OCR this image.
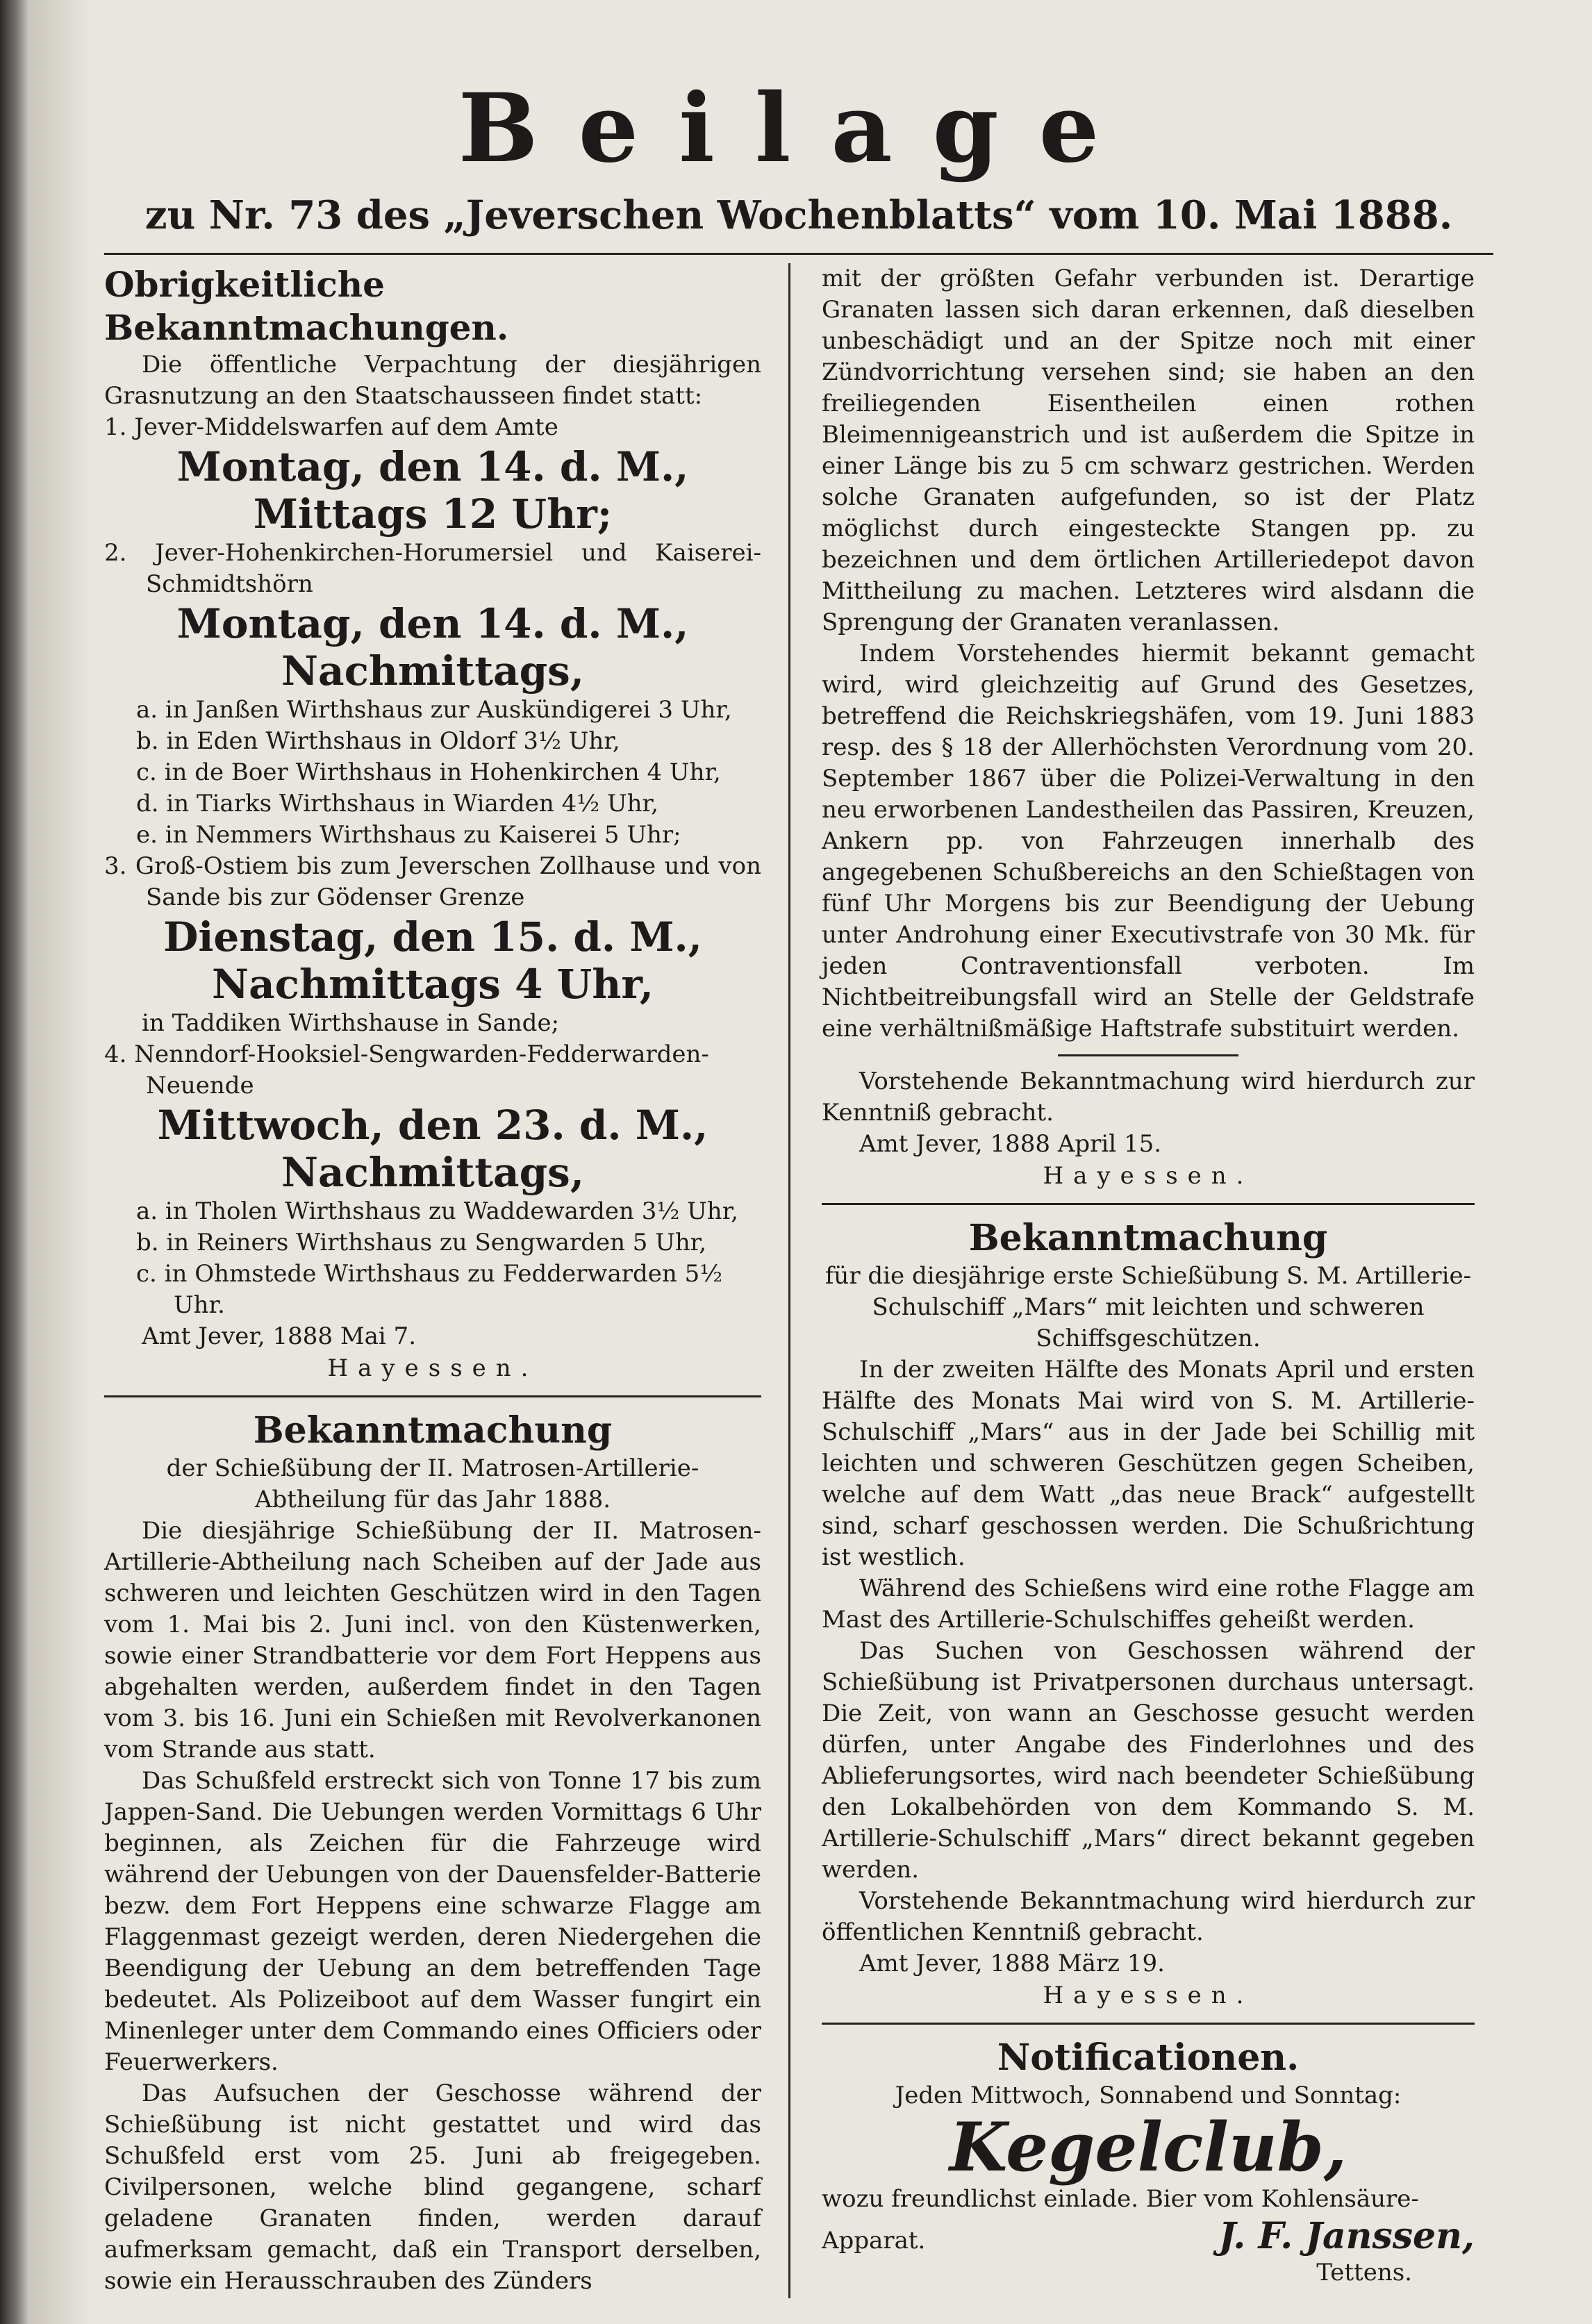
Beilage
zu Nr. 73 des „Jeverschen Wochenblatts“ vom 10. Mai 1888.
Obrigkeitliche Bekanntmachungen.
Die öffentliche Verpachtung der diesjährigen Grasnutzung an den Staatschausseen findet statt:
1. Jever-Middelswarfen auf dem Amte
Montag, den 14. d. M.,
Mittags 12 Uhr;
2. Jever-Hohenkirchen-Horumersiel und Kaiserei-Schmidtshörn
Montag, den 14. d. M.,
Nachmittags,
a. in Janßen Wirthshaus zur Auskündigerei 3 Uhr,
b. in Eden Wirthshaus in Oldorf 3½ Uhr,
c. in de Boer Wirthshaus in Hohenkirchen 4 Uhr,
d. in Tiarks Wirthshaus in Wiarden 4½ Uhr,
e. in Nemmers Wirthshaus zu Kaiserei 5 Uhr;
3. Groß-Ostiem bis zum Jeverschen Zollhause und von Sande bis zur Gödenser Grenze
Dienstag, den 15. d. M.,
Nachmittags 4 Uhr,
in Taddiken Wirthshause in Sande;
4. Nenndorf-Hooksiel-Sengwarden-Fedderwarden-Neuende
Mittwoch, den 23. d. M.,
Nachmittags,
a. in Tholen Wirthshaus zu Waddewarden 3½ Uhr,
b. in Reiners Wirthshaus zu Sengwarden 5 Uhr,
c. in Ohmstede Wirthshaus zu Fedderwarden 5½ Uhr.
Amt Jever, 1888 Mai 7.
Hayessen.
Bekanntmachung
der Schießübung der II. Matrosen-Artillerie-Abtheilung für das Jahr 1888.
Die diesjährige Schießübung der II. Matrosen-Artillerie-Abtheilung nach Scheiben auf der Jade aus schweren und leichten Geschützen wird in den Tagen vom 1. Mai bis 2. Juni incl. von den Küstenwerken, sowie einer Strandbatterie vor dem Fort Heppens aus abgehalten werden, außerdem findet in den Tagen vom 3. bis 16. Juni ein Schießen mit Revolverkanonen vom Strande aus statt.
Das Schußfeld erstreckt sich von Tonne 17 bis zum Jappen-Sand. Die Uebungen werden Vormittags 6 Uhr beginnen, als Zeichen für die Fahrzeuge wird während der Uebungen von der Dauensfelder-Batterie bezw. dem Fort Heppens eine schwarze Flagge am Flaggenmast gezeigt werden, deren Niedergehen die Beendigung der Uebung an dem betreffenden Tage bedeutet. Als Polizeiboot auf dem Wasser fungirt ein Minenleger unter dem Commando eines Officiers oder Feuerwerkers.
Das Aufsuchen der Geschosse während der Schießübung ist nicht gestattet und wird das Schußfeld erst vom 25. Juni ab freigegeben. Civilpersonen, welche blind gegangene, scharf geladene Granaten finden, werden darauf aufmerksam gemacht, daß ein Transport derselben, sowie ein Herausschrauben des Zünders
mit der größten Gefahr verbunden ist. Derartige Granaten lassen sich daran erkennen, daß dieselben unbeschädigt und an der Spitze noch mit einer Zündvorrichtung versehen sind; sie haben an den freiliegenden Eisentheilen einen rothen Bleimennigeanstrich und ist außerdem die Spitze in einer Länge bis zu 5 cm schwarz gestrichen. Werden solche Granaten aufgefunden, so ist der Platz möglichst durch eingesteckte Stangen pp. zu bezeichnen und dem örtlichen Artilleriedepot davon Mittheilung zu machen. Letzteres wird alsdann die Sprengung der Granaten veranlassen.
Indem Vorstehendes hiermit bekannt gemacht wird, wird gleichzeitig auf Grund des Gesetzes, betreffend die Reichskriegshäfen, vom 19. Juni 1883 resp. des § 18 der Allerhöchsten Verordnung vom 20. September 1867 über die Polizei-Verwaltung in den neu erworbenen Landestheilen das Passiren, Kreuzen, Ankern pp. von Fahrzeugen innerhalb des angegebenen Schußbereichs an den Schießtagen von fünf Uhr Morgens bis zur Beendigung der Uebung unter Androhung einer Executivstrafe von 30 Mk. für jeden Contraventionsfall verboten. Im Nichtbeitreibungsfall wird an Stelle der Geldstrafe eine verhältnißmäßige Haftstrafe substituirt werden.
Vorstehende Bekanntmachung wird hierdurch zur Kenntniß gebracht.
Amt Jever, 1888 April 15.
Hayessen.
Bekanntmachung
für die diesjährige erste Schießübung S. M. Artillerie-Schulschiff „Mars“ mit leichten und schweren Schiffsgeschützen.
In der zweiten Hälfte des Monats April und ersten Hälfte des Monats Mai wird von S. M. Artillerie-Schulschiff „Mars“ aus in der Jade bei Schillig mit leichten und schweren Geschützen gegen Scheiben, welche auf dem Watt „das neue Brack“ aufgestellt sind, scharf geschossen werden. Die Schußrichtung ist westlich.
Während des Schießens wird eine rothe Flagge am Mast des Artillerie-Schulschiffes geheißt werden.
Das Suchen von Geschossen während der Schießübung ist Privatpersonen durchaus untersagt. Die Zeit, von wann an Geschosse gesucht werden dürfen, unter Angabe des Finderlohnes und des Ablieferungsortes, wird nach beendeter Schießübung den Lokalbehörden von dem Kommando S. M. Artillerie-Schulschiff „Mars“ direct bekannt gegeben werden.
Vorstehende Bekanntmachung wird hierdurch zur öffentlichen Kenntniß gebracht.
Amt Jever, 1888 März 19.
Hayessen.
Notificationen.
Jeden Mittwoch, Sonnabend und Sonntag:
Kegelclub,
wozu freundlichst einlade. Bier vom Kohlensäure-
Apparat.	J. F. Janssen,
Tettens.
